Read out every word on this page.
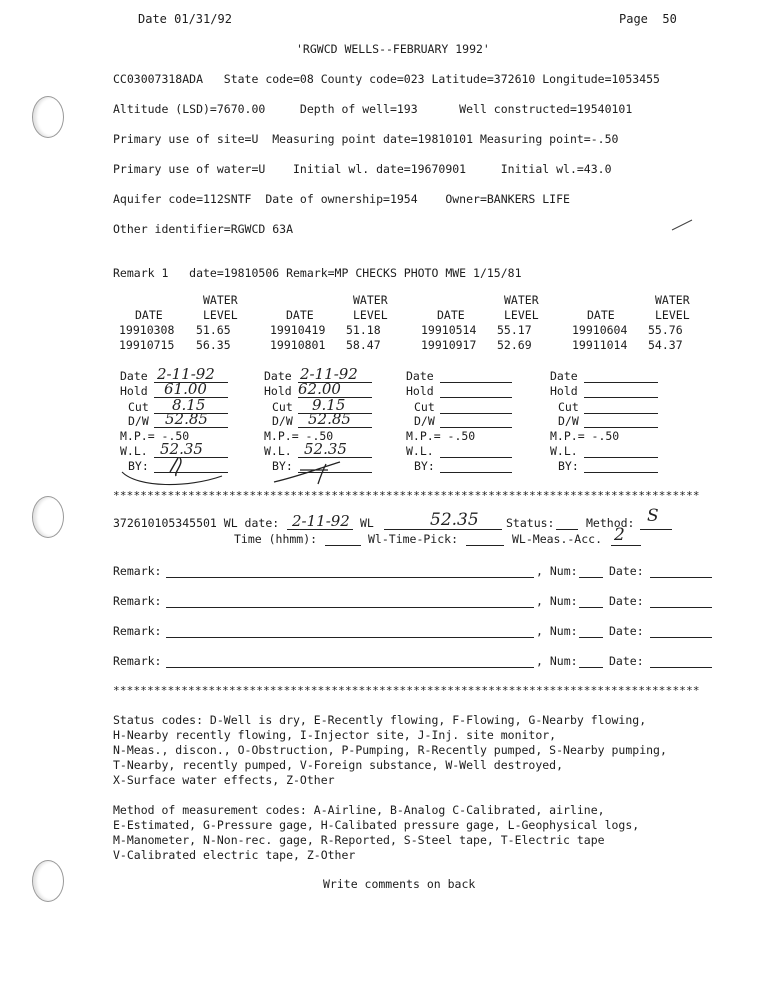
Date 01/31/92	Page  50
'RGWCD WELLS--FEBRUARY 1992'
CC03007318ADA   State code=08 County code=023 Latitude=372610 Longitude=1053455
Altitude (LSD)=7670.00     Depth of well=193      Well constructed=19540101
Primary use of site=U  Measuring point date=19810101 Measuring point=-.50
Primary use of water=U    Initial wl. date=19670901     Initial wl.=43.0
Aquifer code=112SNTF  Date of ownership=1954    Owner=BANKERS LIFE
Other identifier=RGWCD 63A
Remark 1   date=19810506 Remark=MP CHECKS PHOTO MWE 1/15/81
WATER	WATER	WATER	WATER
DATE	LEVEL	DATE	LEVEL	DATE	LEVEL	DATE	LEVEL
19910308 51.65	19910419 51.18	19910514 55.17	19910604 55.76
19910715 56.35	19910801 58.47	19910917 52.69	19911014 54.37
Date 2-11-92
Hold 61.00
Cut 8.15
D/W 52.85
M.P.= -.50
W.L. 52.35
BY:
Date 2-11-92
Hold 62.00
Cut 9.15
D/W 52.85
M.P.= -.50
W.L. 52.35
BY:
Date
Hold
Cut
D/W
M.P.= -.50
W.L.
BY:
Date
Hold
Cut
D/W
M.P.= -.50
W.L.
BY:
**************************************************************************************
372610105345501 WL date: 2-11-92 WL	52.35 Status:	Method: S
Time (hhmm):	Wl-Time-Pick:	WL-Meas.-Acc. 2
Remark:	, Num:	Date:
Remark:	, Num:	Date:
Remark:	, Num:	Date:
Remark:	, Num:	Date:
**************************************************************************************
Status codes: D-Well is dry, E-Recently flowing, F-Flowing, G-Nearby flowing,
H-Nearby recently flowing, I-Injector site, J-Inj. site monitor,
N-Meas., discon., O-Obstruction, P-Pumping, R-Recently pumped, S-Nearby pumping,
T-Nearby, recently pumped, V-Foreign substance, W-Well destroyed,
X-Surface water effects, Z-Other
Method of measurement codes: A-Airline, B-Analog C-Calibrated, airline,
E-Estimated, G-Pressure gage, H-Calibated pressure gage, L-Geophysical logs,
M-Manometer, N-Non-rec. gage, R-Reported, S-Steel tape, T-Electric tape
V-Calibrated electric tape, Z-Other
Write comments on back
